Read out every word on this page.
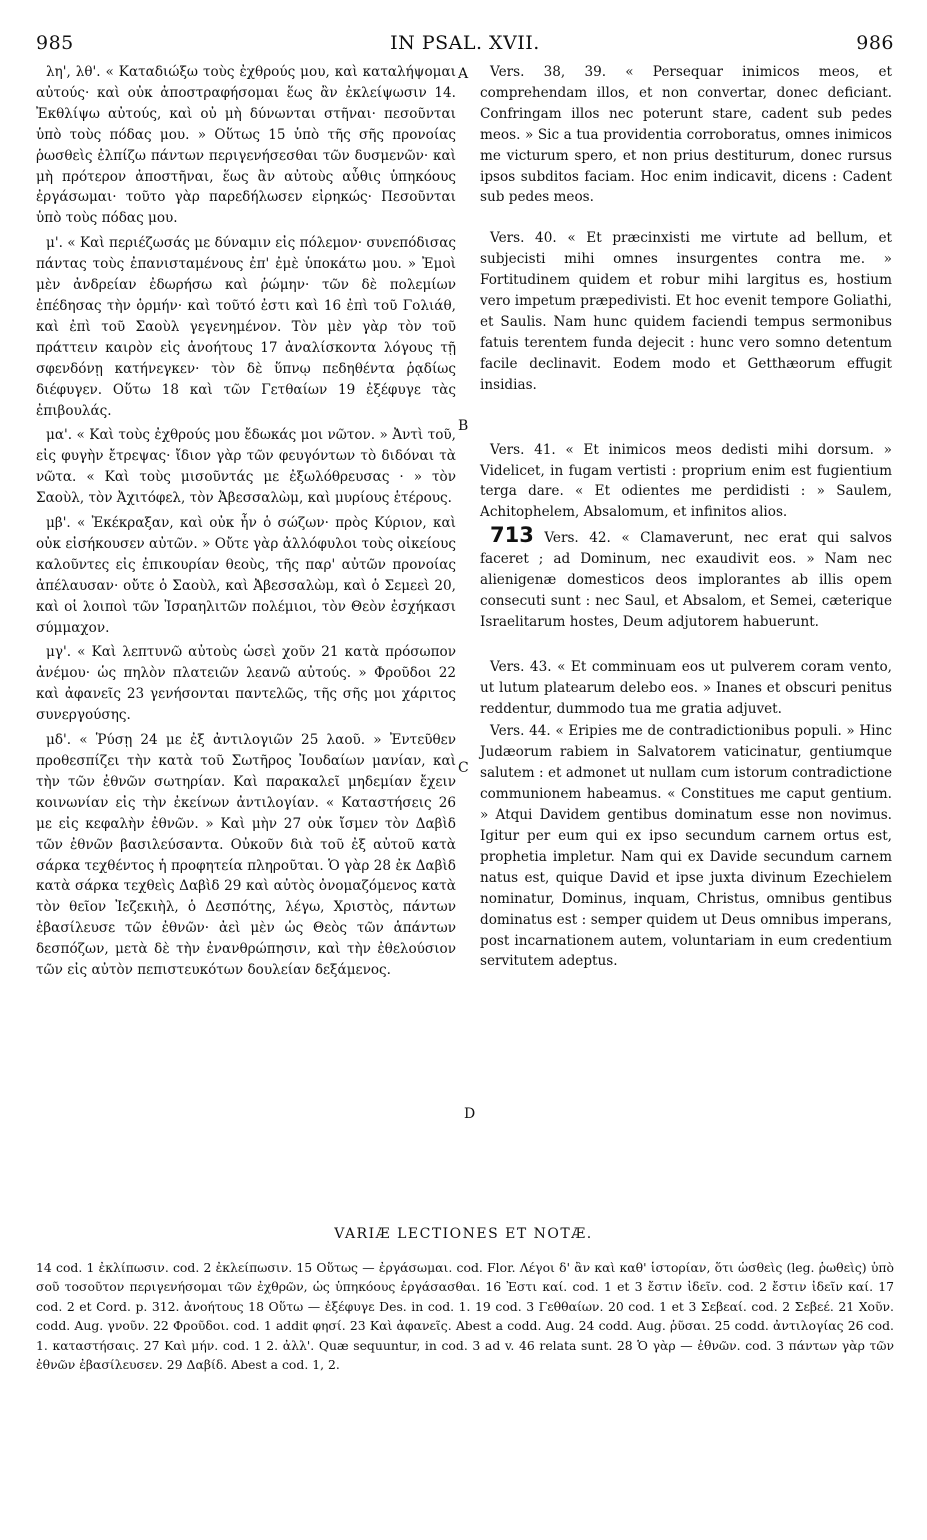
985	IN PSAL. XVII.	986

λη', λθ'. « Καταδιώξω τοὺς ἐχθρούς μου, καὶ καταλήψομαι αὐτούς· καὶ οὐκ ἀποστραφήσομαι ἕως ἂν ἐκλείψωσιν 14. Ἐκθλίψω αὐτούς, καὶ οὐ μὴ δύνωνται στῆναι· πεσοῦνται ὑπὸ τοὺς πόδας μου. » Οὕτως 15 ὑπὸ τῆς σῆς προνοίας ῥωσθεὶς ἐλπίζω πάντων περιγενήσεσθαι τῶν δυσμενῶν· καὶ μὴ πρότερον ἀποστῆναι, ἕως ἂν αὐτοὺς αὖθις ὑπηκόους ἐργάσωμαι· τοῦτο γὰρ παρεδήλωσεν εἰρηκώς· Πεσοῦνται ὑπὸ τοὺς πόδας μου.

μ'. « Καὶ περιέζωσάς με δύναμιν εἰς πόλεμον· συνεπόδισας πάντας τοὺς ἐπανισταμένους ἐπ' ἐμὲ ὑποκάτω μου. » Ἐμοὶ μὲν ἀνδρείαν ἐδωρήσω καὶ ῥώμην· τῶν δὲ πολεμίων ἐπέδησας τὴν ὁρμήν· καὶ τοῦτό ἐστι καὶ 16 ἐπὶ τοῦ Γολιάθ, καὶ ἐπὶ τοῦ Σαοὺλ γεγενημένον. Τὸν μὲν γὰρ τὸν τοῦ πράττειν καιρὸν εἰς ἀνοήτους 17 ἀναλίσκοντα λόγους τῇ σφενδόνῃ κατήνεγκεν· τὸν δὲ ὕπνῳ πεδηθέντα ῥᾳδίως διέφυγεν. Οὕτω 18 καὶ τῶν Γετθαίων 19 ἐξέφυγε τὰς ἐπιβουλάς.

μα'. « Καὶ τοὺς ἐχθρούς μου ἔδωκάς μοι νῶτον. » Ἀντὶ τοῦ, εἰς φυγὴν ἔτρεψας· ἴδιον γὰρ τῶν φευγόντων τὸ διδόναι τὰ νῶτα. « Καὶ τοὺς μισοῦντάς με ἐξωλόθρευσας · » τὸν Σαοὺλ, τὸν Ἀχιτόφελ, τὸν Ἀβεσσαλὼμ, καὶ μυρίους ἑτέρους.

μβ'. « Ἐκέκραξαν, καὶ οὐκ ἦν ὁ σώζων· πρὸς Κύριον, καὶ οὐκ εἰσήκουσεν αὐτῶν. » Οὔτε γὰρ ἀλλόφυλοι τοὺς οἰκείους καλοῦντες εἰς ἐπικουρίαν θεοὺς, τῆς παρ' αὐτῶν προνοίας ἀπέλαυσαν· οὔτε ὁ Σαοὺλ, καὶ Ἀβεσσαλὼμ, καὶ ὁ Σεμεεὶ 20, καὶ οἱ λοιποὶ τῶν Ἰσραηλιτῶν πολέμιοι, τὸν Θεὸν ἐσχήκασι σύμμαχον.

μγ'. « Καὶ λεπτυνῶ αὐτοὺς ὡσεὶ χοῦν 21 κατὰ πρόσωπον ἀνέμου· ὡς πηλὸν πλατειῶν λεανῶ αὐτούς. » Φροῦδοι 22 καὶ ἀφανεῖς 23 γενήσονται παντελῶς, τῆς σῆς μοι χάριτος συνεργούσης.

μδ'. « Ῥύσῃ 24 με ἐξ ἀντιλογιῶν 25 λαοῦ. » Ἐντεῦθεν προθεσπίζει τὴν κατὰ τοῦ Σωτῆρος Ἰουδαίων μανίαν, καὶ τὴν τῶν ἐθνῶν σωτηρίαν. Καὶ παρακαλεῖ μηδεμίαν ἔχειν κοινωνίαν εἰς τὴν ἐκείνων ἀντιλογίαν. « Καταστήσεις 26 με εἰς κεφαλὴν ἐθνῶν. » Καὶ μὴν 27 οὐκ ἴσμεν τὸν Δαβὶδ τῶν ἐθνῶν βασιλεύσαντα. Οὐκοῦν διὰ τοῦ ἐξ αὐτοῦ κατὰ σάρκα τεχθέντος ἡ προφητεία πληροῦται. Ὁ γὰρ 28 ἐκ Δαβὶδ κατὰ σάρκα τεχθεὶς Δαβὶδ 29 καὶ αὐτὸς ὀνομαζόμενος κατὰ τὸν θεῖον Ἰεζεκιὴλ, ὁ Δεσπότης, λέγω, Χριστὸς, πάντων ἐβασίλευσε τῶν ἐθνῶν· ἀεὶ μὲν ὡς Θεὸς τῶν ἁπάντων δεσπόζων, μετὰ δὲ τὴν ἐνανθρώπησιν, καὶ τὴν ἐθελούσιον τῶν εἰς αὐτὸν πεπιστευκότων δουλείαν δεξάμενος.

A
B
C
D

Vers. 38, 39. « Persequar inimicos meos, et comprehendam illos, et non convertar, donec deficiant. Confringam illos nec poterunt stare, cadent sub pedes meos. » Sic a tua providentia corroboratus, omnes inimicos me victurum spero, et non prius destiturum, donec rursus ipsos subditos faciam. Hoc enim indicavit, dicens : Cadent sub pedes meos.

Vers. 40. « Et præcinxisti me virtute ad bellum, et subjecisti mihi omnes insurgentes contra me. » Fortitudinem quidem et robur mihi largitus es, hostium vero impetum præpedivisti. Et hoc evenit tempore Goliathi, et Saulis. Nam hunc quidem faciendi tempus sermonibus fatuis terentem funda dejecit : hunc vero somno detentum facile declinavit. Eodem modo et Getthæorum effugit insidias.

Vers. 41. « Et inimicos meos dedisti mihi dorsum. » Videlicet, in fugam vertisti : proprium enim est fugientium terga dare. « Et odientes me perdidisti : » Saulem, Achitophelem, Absalomum, et infinitos alios.

713 Vers. 42. « Clamaverunt, nec erat qui salvos faceret ; ad Dominum, nec exaudivit eos. » Nam nec alienigenæ domesticos deos implorantes ab illis opem consecuti sunt : nec Saul, et Absalom, et Semei, cæterique Israelitarum hostes, Deum adjutorem habuerunt.

Vers. 43. « Et comminuam eos ut pulverem coram vento, ut lutum platearum delebo eos. » Inanes et obscuri penitus reddentur, dummodo tua me gratia adjuvet.

Vers. 44. « Eripies me de contradictionibus populi. » Hinc Judæorum rabiem in Salvatorem vaticinatur, gentiumque salutem : et admonet ut nullam cum istorum contradictione communionem habeamus. « Constitues me caput gentium. » Atqui Davidem gentibus dominatum esse non novimus. Igitur per eum qui ex ipso secundum carnem ortus est, prophetia impletur. Nam qui ex Davide secundum carnem natus est, quique David et ipse juxta divinum Ezechielem nominatur, Dominus, inquam, Christus, omnibus gentibus dominatus est : semper quidem ut Deus omnibus imperans, post incarnationem autem, voluntariam in eum credentium servitutem adeptus.

VARIÆ LECTIONES ET NOTÆ.
14 cod. 1 ἐκλίπωσιν. cod. 2 ἐκλείπωσιν. 15 Οὕτως — ἐργάσωμαι. cod. Flor. Λέγοι δ' ἂν καὶ καθ' ἱστορίαν, ὅτι ὡσθεὶς (leg. ῥωθεὶς) ὑπὸ σοῦ τοσοῦτον περιγενήσομαι τῶν ἐχθρῶν, ὡς ὑπηκόους ἐργάσασθαι. 16 Ἐστι καί. cod. 1 et 3 ἔστιν ἰδεῖν. cod. 2 ἔστιν ἰδεῖν καί. 17 cod. 2 et Cord. p. 312. ἀνοήτους 18 Οὕτω — ἐξέφυγε Des. in cod. 1. 19 cod. 3 Γεθθαίων. 20 cod. 1 et 3 Σεβεαί. cod. 2 Σεβεέ. 21 Χοῦν. codd. Aug. γνοῦν. 22 Φροῦδοι. cod. 1 addit φησί. 23 Καὶ ἀφανεῖς. Abest a codd. Aug. 24 codd. Aug. ῥῦσαι. 25 codd. ἀντιλογίας 26 cod. 1. καταστήσαις. 27 Καὶ μήν. cod. 1 2. ἀλλ'. Quæ sequuntur, in cod. 3 ad v. 46 relata sunt. 28 Ὁ γὰρ — ἐθνῶν. cod. 3 πάντων γὰρ τῶν ἐθνῶν ἐβασίλευσεν. 29 Δαβίδ. Abest a cod. 1, 2.
